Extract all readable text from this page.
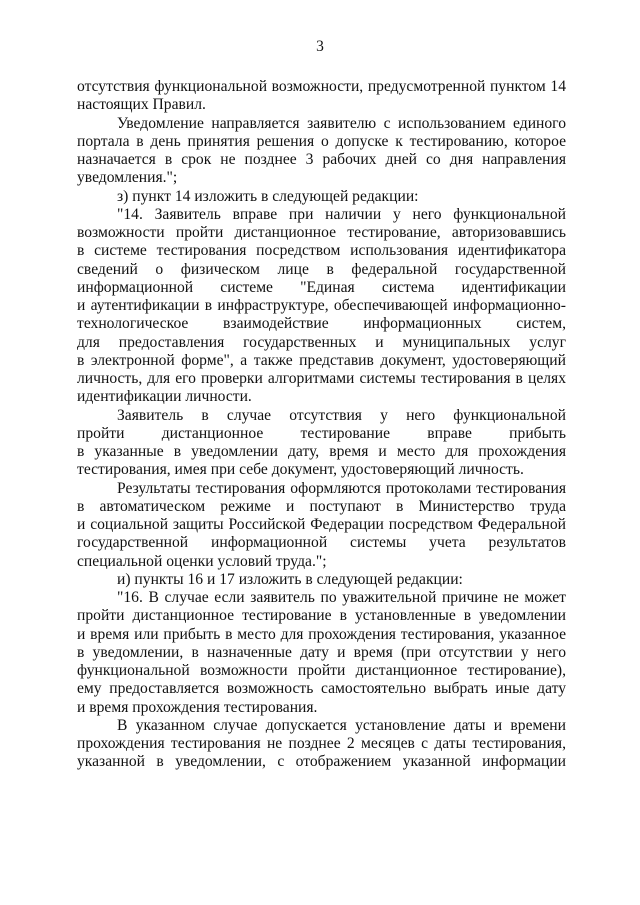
3
отсутствия функциональной возможности, предусмотренной пунктом 14
настоящих Правил.
Уведомление направляется заявителю с использованием единого
портала в день принятия решения о допуске к тестированию, которое
назначается в срок не позднее 3 рабочих дней со дня направления
уведомления.";
з) пункт 14 изложить в следующей редакции:
"14. Заявитель вправе при наличии у него функциональной
возможности пройти дистанционное тестирование, авторизовавшись
в системе тестирования посредством использования идентификатора
сведений о физическом лице в федеральной государственной
информационной системе "Единая система идентификации
и аутентификации в инфраструктуре, обеспечивающей информационно-
технологическое взаимодействие информационных систем,
для предоставления государственных и муниципальных услуг
в электронной форме", а также представив документ, удостоверяющий
личность, для его проверки алгоритмами системы тестирования в целях
идентификации личности.
Заявитель в случае отсутствия у него функциональной
пройти дистанционное тестирование вправе прибыть
в указанные в уведомлении дату, время и место для прохождения
тестирования, имея при себе документ, удостоверяющий личность.
Результаты тестирования оформляются протоколами тестирования
в автоматическом режиме и поступают в Министерство труда
и социальной защиты Российской Федерации посредством Федеральной
государственной информационной системы учета результатов
специальной оценки условий труда.";
и) пункты 16 и 17 изложить в следующей редакции:
"16. В случае если заявитель по уважительной причине не может
пройти дистанционное тестирование в установленные в уведомлении
и время или прибыть в место для прохождения тестирования, указанное
в уведомлении, в назначенные дату и время (при отсутствии у него
функциональной возможности пройти дистанционное тестирование),
ему предоставляется возможность самостоятельно выбрать иные дату
и время прохождения тестирования.
В указанном случае допускается установление даты и времени
прохождения тестирования не позднее 2 месяцев с даты тестирования,
указанной в уведомлении, с отображением указанной информации
